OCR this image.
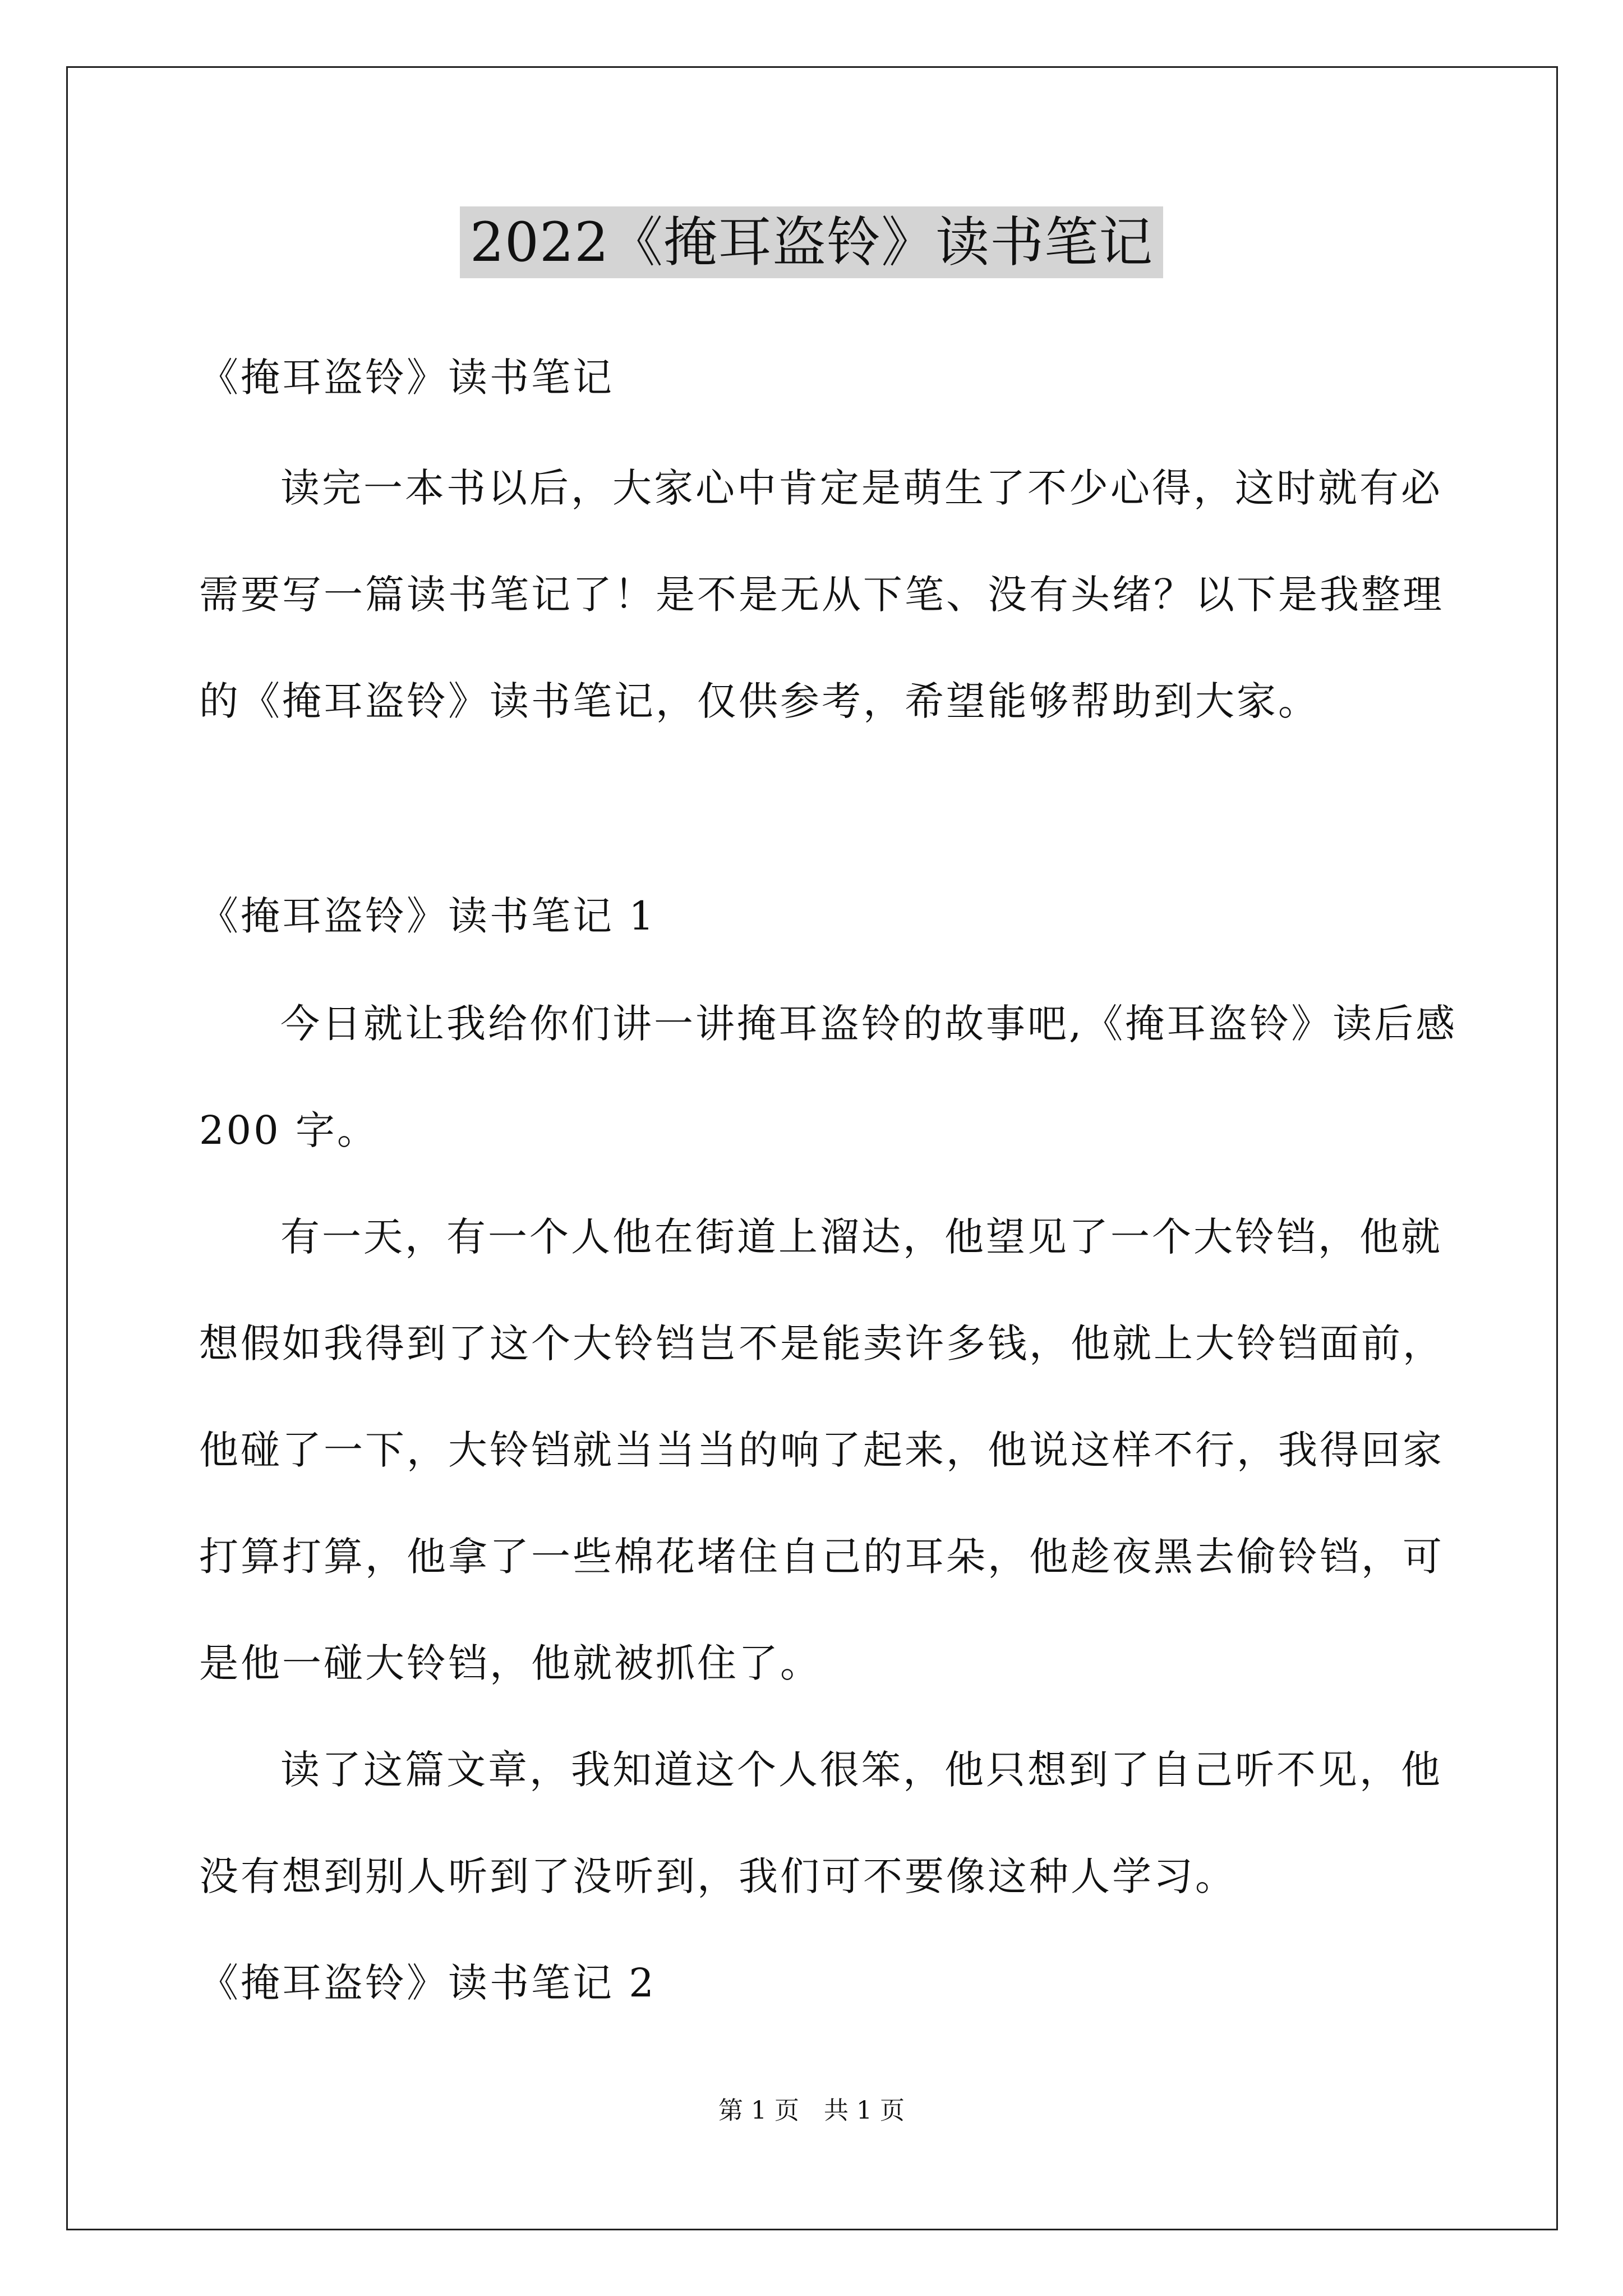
2022《掩耳盗铃》读书笔记
《掩耳盗铃》读书笔记
读完一本书以后，大家心中肯定是萌生了不少心得，这时就有必
需要写一篇读书笔记了！是不是无从下笔、没有头绪？以下是我整理
的《掩耳盗铃》读书笔记，仅供参考，希望能够帮助到大家。
《掩耳盗铃》读书笔记 1
今日就让我给你们讲一讲掩耳盗铃的故事吧,《掩耳盗铃》读后感
200 字。
有一天，有一个人他在街道上溜达，他望见了一个大铃铛，他就
想假如我得到了这个大铃铛岂不是能卖许多钱，他就上大铃铛面前，
他碰了一下，大铃铛就当当当的响了起来，他说这样不行，我得回家
打算打算，他拿了一些棉花堵住自己的耳朵，他趁夜黑去偷铃铛，可
是他一碰大铃铛，他就被抓住了。
读了这篇文章，我知道这个人很笨，他只想到了自己听不见，他
没有想到别人听到了没听到，我们可不要像这种人学习。
《掩耳盗铃》读书笔记 2
第 1 页　共 1 页
